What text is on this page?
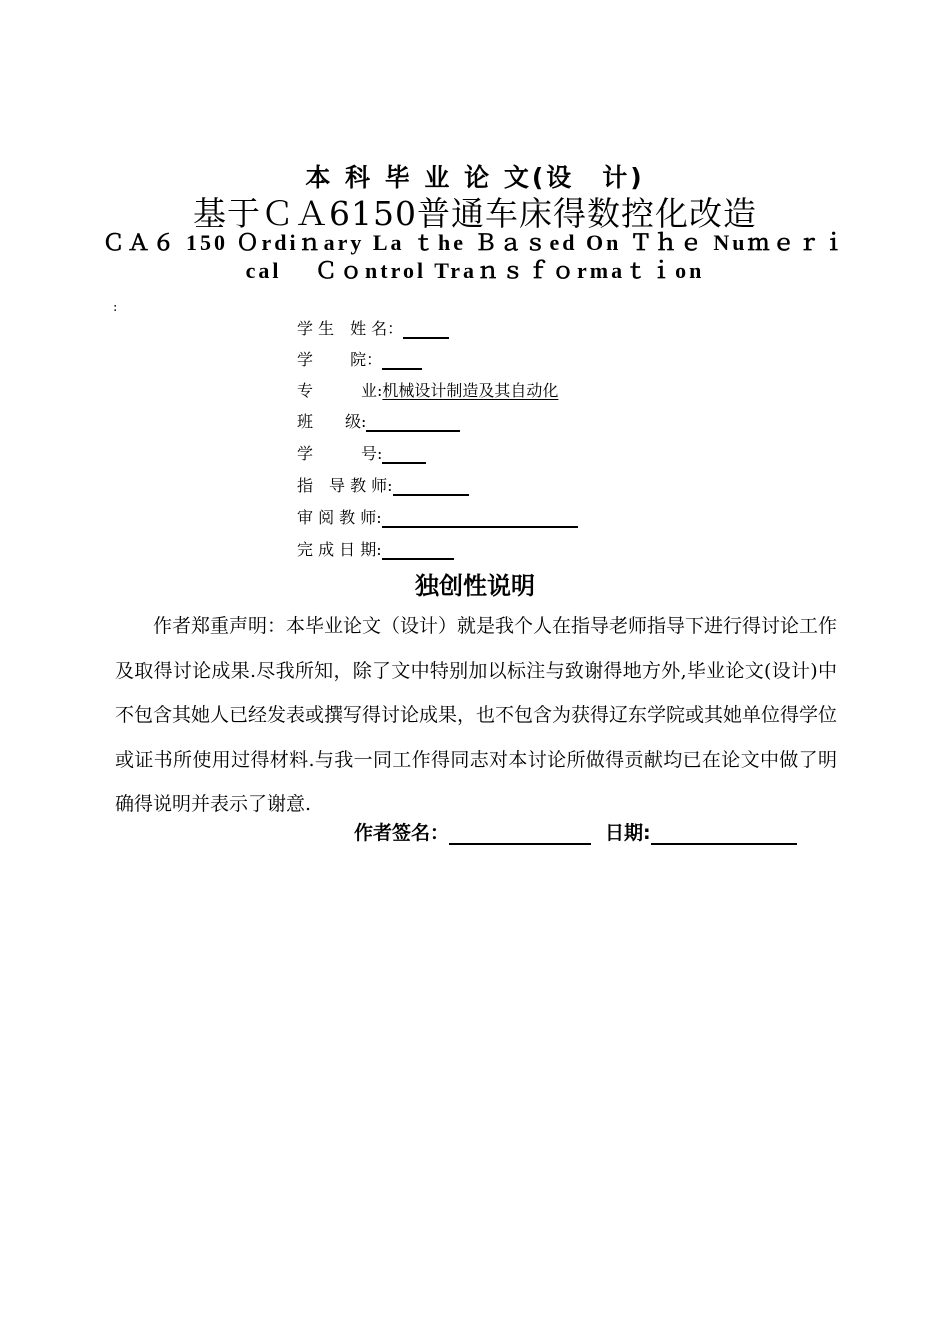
本 科 毕 业 论 文(设　计)
基于ＣＡ6150普通车床得数控化改造
ＣＡ６ 150 Ｏrdiｎary La ｔhe Ｂａｓed On Ｔｈｅ Nuｍｅｒｉ
cal　 Ｃｏntrol Traｎｓｆｏrmaｔｉon
:
学 生　姓 名：
学　　 院：
专　　　业: 机械设计制造及其自动化
班　　级:
学　　　号:
指　导 教 师:
审 阅 教 师:
完 成 日 期:
独创性说明
作者郑重声明：本毕业论文（设计）就是我个人在指导老师指导下进行得讨论工作及取得讨论成果.尽我所知，除了文中特别加以标注与致谢得地方外,毕业论文(设计)中不包含其她人已经发表或撰写得讨论成果，也不包含为获得辽东学院或其她单位得学位或证书所使用过得材料.与我一同工作得同志对本讨论所做得贡献均已在论文中做了明确得说明并表示了谢意.
作者签名：	日期:
